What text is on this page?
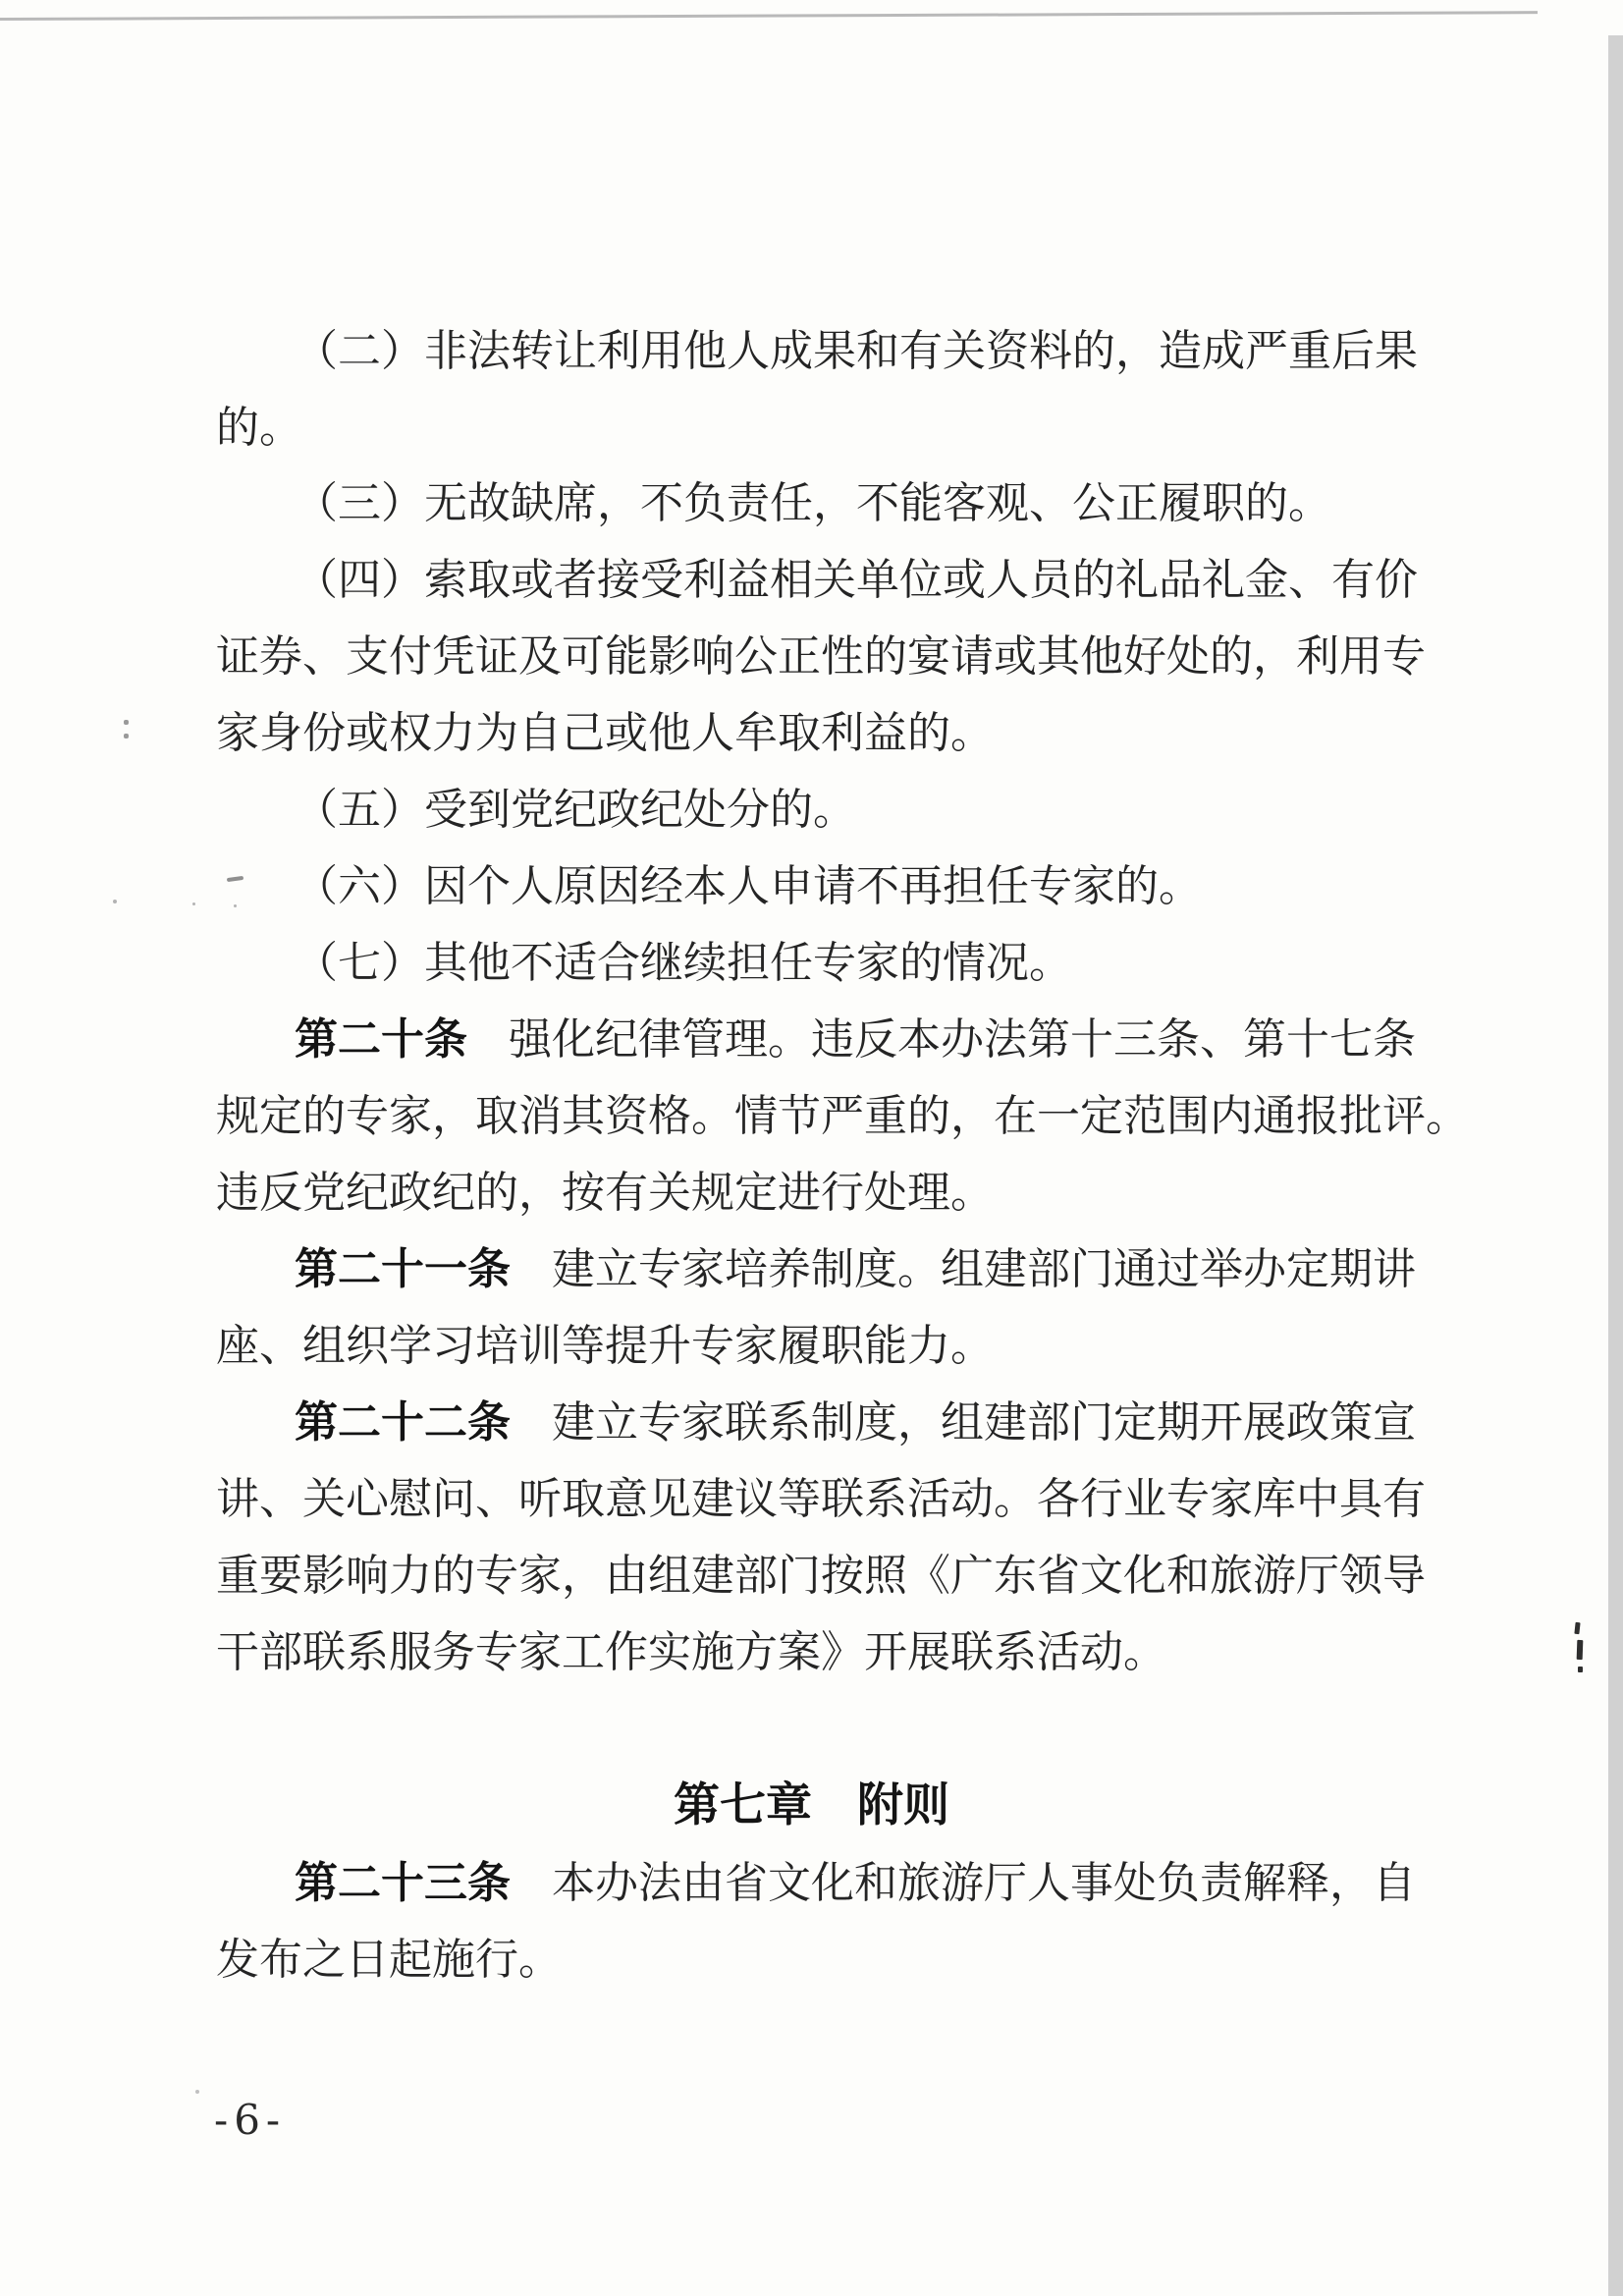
（二）非法转让利用他人成果和有关资料的，造成严重后果
的。
（三）无故缺席，不负责任，不能客观、公正履职的。
（四）索取或者接受利益相关单位或人员的礼品礼金、有价
证券、支付凭证及可能影响公正性的宴请或其他好处的，利用专
家身份或权力为自己或他人牟取利益的。
（五）受到党纪政纪处分的。
（六）因个人原因经本人申请不再担任专家的。
（七）其他不适合继续担任专家的情况。
第二十条 强化纪律管理。违反本办法第十三条、第十七条
规定的专家，取消其资格。情节严重的，在一定范围内通报批评。
违反党纪政纪的，按有关规定进行处理。
第二十一条 建立专家培养制度。组建部门通过举办定期讲
座、组织学习培训等提升专家履职能力。
第二十二条 建立专家联系制度，组建部门定期开展政策宣
讲、关心慰问、听取意见建议等联系活动。各行业专家库中具有
重要影响力的专家，由组建部门按照《广东省文化和旅游厅领导
干部联系服务专家工作实施方案》开展联系活动。
第七章 附则
第二十三条 本办法由省文化和旅游厅人事处负责解释，自
发布之日起施行。
-6-
